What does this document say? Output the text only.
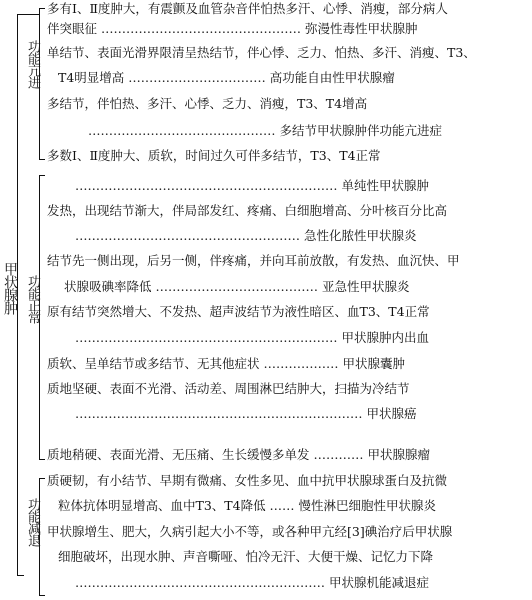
甲状腺肿
功能亢进
功能正常
功能减退
多有Ⅰ、Ⅱ度肿大，有震颤及血管杂音伴怕热多汗、心悸、消瘦，部分病人
伴突眼征 ………………………………………… 弥漫性毒性甲状腺肿
单结节、表面光滑界限清呈热结节，伴心悸、乏力、怕热、多汗、消瘦、T3、
T4明显增高 …………………………… 高功能自由性甲状腺瘤
多结节，伴怕热、多汗、心悸、乏力、消瘦，T3、T4增高
……………………………………… 多结节甲状腺肿伴功能亢进症
多数Ⅰ、Ⅱ度肿大、质软，时间过久可伴多结节，T3、T4正常
……………………………………………………… 单纯性甲状腺肿
发热，出现结节渐大，伴局部发红、疼痛、白细胞增高、分叶核百分比高
……………………………………………… 急性化脓性甲状腺炎
结节先一侧出现，后另一侧，伴疼痛，并向耳前放散，有发热、血沉快、甲
状腺吸碘率降低 ………………………………… 亚急性甲状腺炎
原有结节突然增大、不发热、超声波结节为液性暗区、血T3、T4正常
……………………………………………………… 甲状腺肿内出血
质软、呈单结节或多结节、无其他症状 ……………… 甲状腺囊肿
质地坚硬、表面不光滑、活动差、周围淋巴结肿大，扫描为冷结节
…………………………………………………………… 甲状腺癌
质地稍硬、表面光滑、无压痛、生长缓慢多单发 ………… 甲状腺腺瘤
质硬韧，有小结节、早期有微痛、女性多见、血中抗甲状腺球蛋白及抗微
粒体抗体明显增高、血中T3、T4降低 …… 慢性淋巴细胞性甲状腺炎
甲状腺增生、肥大，久病引起大小不等，或各种甲亢经[3]碘治疗后甲状腺
细胞破坏，出现水肿、声音嘶哑、怕冷无汗、大便干燥、记忆力下降
…………………………………………………… 甲状腺机能减退症
